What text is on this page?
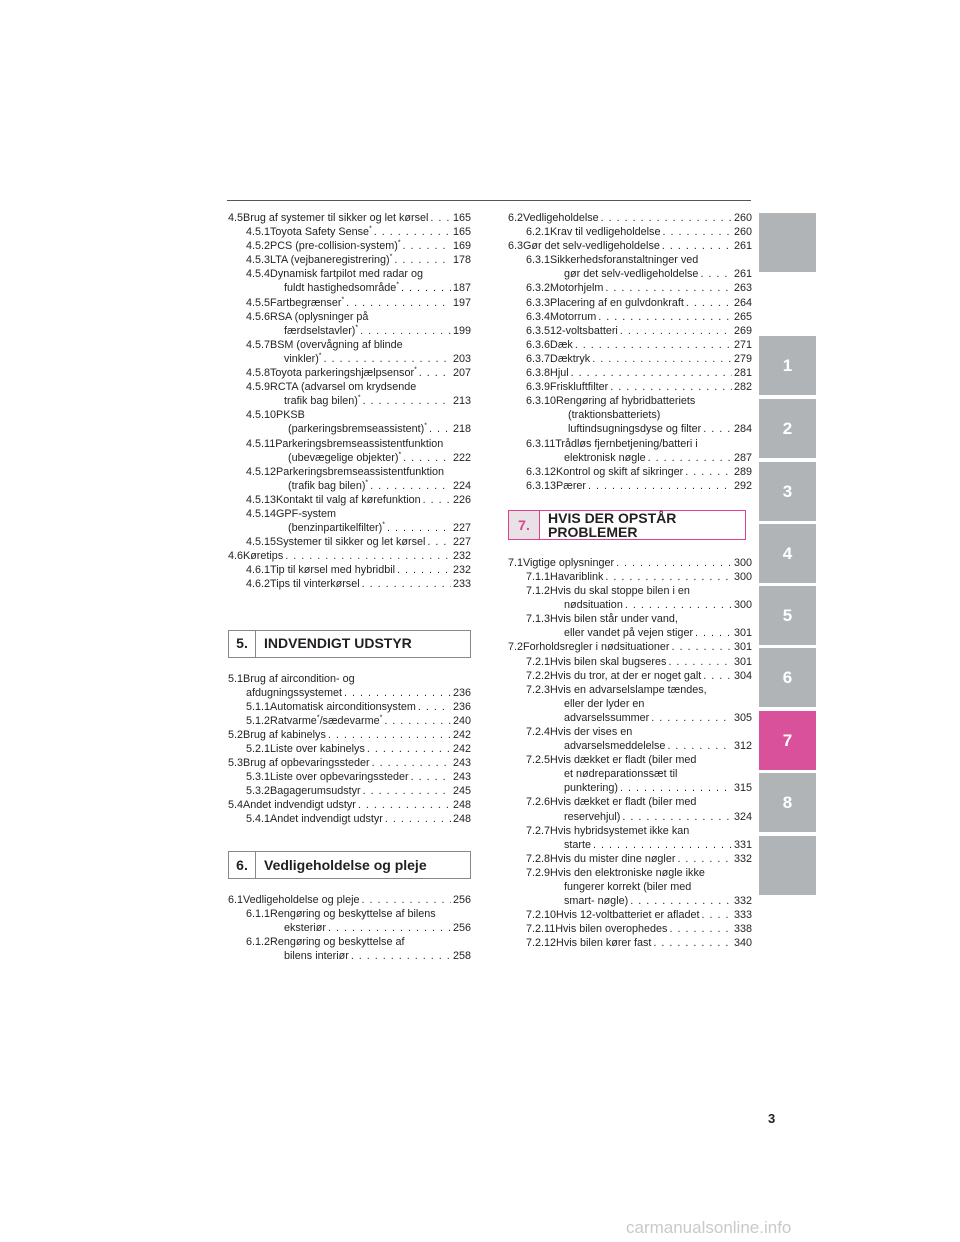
4.5 Brug af systemer til sikker og let kørsel . . . 165
4.5.1 Toyota Safety Sense* . . .	165
4.5.2 PCS (pre-collision-system)* . . .	169
4.5.3 LTA (vejbaneregistrering)* . . .	178
4.5.4 Dynamisk fartpilot med radar og
fuldt hastighedsområde* . . .	187
4.5.5 Fartbegrænser* . . .	197
4.5.6 RSA (oplysninger på
færdselstavler)* . . .	199
4.5.7 BSM (overvågning af blinde
vinkler)* . . .	203
4.5.8 Toyota parkeringshjælpsensor* . . .	207
4.5.9 RCTA (advarsel om krydsende
trafik bag bilen)* . . .	213
4.5.10 PKSB
(parkeringsbremseassistent)* . . . 218
4.5.11 Parkeringsbremseassistentfunktion
(ubevægelige objekter)* . . .	222
4.5.12 Parkeringsbremseassistentfunktion
(trafik bag bilen)* . . .	224
4.5.13 Kontakt til valg af kørefunktion . . .	226
4.5.14 GPF-system
(benzinpartikelfilter)* . . .	227
4.5.15 Systemer til sikker og let kørsel . . .	227
4.6 Køretips . . .	232
4.6.1 Tip til kørsel med hybridbil . . .	232
4.6.2 Tips til vinterkørsel . . .	233
5.	INDVENDIGT UDSTYR
5.1 Brug af aircondition- og
afdugningssystemet . . .	236
5.1.1 Automatisk airconditionsystem . . .	236
5.1.2 Ratvarme*/sædevarme* . . .	240
5.2 Brug af kabinelys . . .	242
5.2.1 Liste over kabinelys . . .	242
5.3 Brug af opbevaringssteder . . .	243
5.3.1 Liste over opbevaringssteder . . .	243
5.3.2 Bagagerumsudstyr . . .	245
5.4 Andet indvendigt udstyr . . .	248
5.4.1 Andet indvendigt udstyr . . .	248
6.	Vedligeholdelse og pleje
6.1 Vedligeholdelse og pleje . . .	256
6.1.1 Rengøring og beskyttelse af bilens
eksteriør . . .	256
6.1.2 Rengøring og beskyttelse af
bilens interiør . . .	258
6.2 Vedligeholdelse . . .	260
6.2.1 Krav til vedligeholdelse . . .	260
6.3 Gør det selv-vedligeholdelse . . .	261
6.3.1 Sikkerhedsforanstaltninger ved
gør det selv-vedligeholdelse . . .	261
6.3.2 Motorhjelm . . .	263
6.3.3 Placering af en gulvdonkraft . . .	264
6.3.4 Motorrum . . .	265
6.3.5 12-voltsbatteri . . .	269
6.3.6 Dæk . . .	271
6.3.7 Dæktryk . . .	279
6.3.8 Hjul . . .	281
6.3.9 Friskluftfilter . . .	282
6.3.10 Rengøring af hybridbatteriets
(traktionsbatteriets)
luftindsugningsdyse og filter . . .	284
6.3.11 Trådløs fjernbetjening/batteri i
elektronisk nøgle . . .	287
6.3.12 Kontrol og skift af sikringer . . .	289
6.3.13 Pærer . . .	292
7.	HVIS DER OPSTÅR PROBLEMER
7.1 Vigtige oplysninger . . .	300
7.1.1 Havariblink . . .	300
7.1.2 Hvis du skal stoppe bilen i en
nødsituation . . .	300
7.1.3 Hvis bilen står under vand,
eller vandet på vejen stiger . . .	301
7.2 Forholdsregler i nødsituationer . . .	301
7.2.1 Hvis bilen skal bugseres . . .	301
7.2.2 Hvis du tror, at der er noget galt . . .	304
7.2.3 Hvis en advarselslampe tændes,
eller der lyder en
advarselssummer . . .	305
7.2.4 Hvis der vises en
advarselsmeddelelse . . .	312
7.2.5 Hvis dækket er fladt (biler med
et nødreparationssæt til
punktering) . . .	315
7.2.6 Hvis dækket er fladt (biler med
reservehjul) . . .	324
7.2.7 Hvis hybridsystemet ikke kan
starte . . .	331
7.2.8 Hvis du mister dine nøgler . . .	332
7.2.9 Hvis den elektroniske nøgle ikke
fungerer korrekt (biler med
smart- nøgle) . . .	332
7.2.10 Hvis 12-voltbatteriet er afladet . . .	333
7.2.11 Hvis bilen overophedes . . .	338
7.2.12 Hvis bilen kører fast . . .	340
1
2
3
4
5
6
7
8
3
carmanualsonline.info
